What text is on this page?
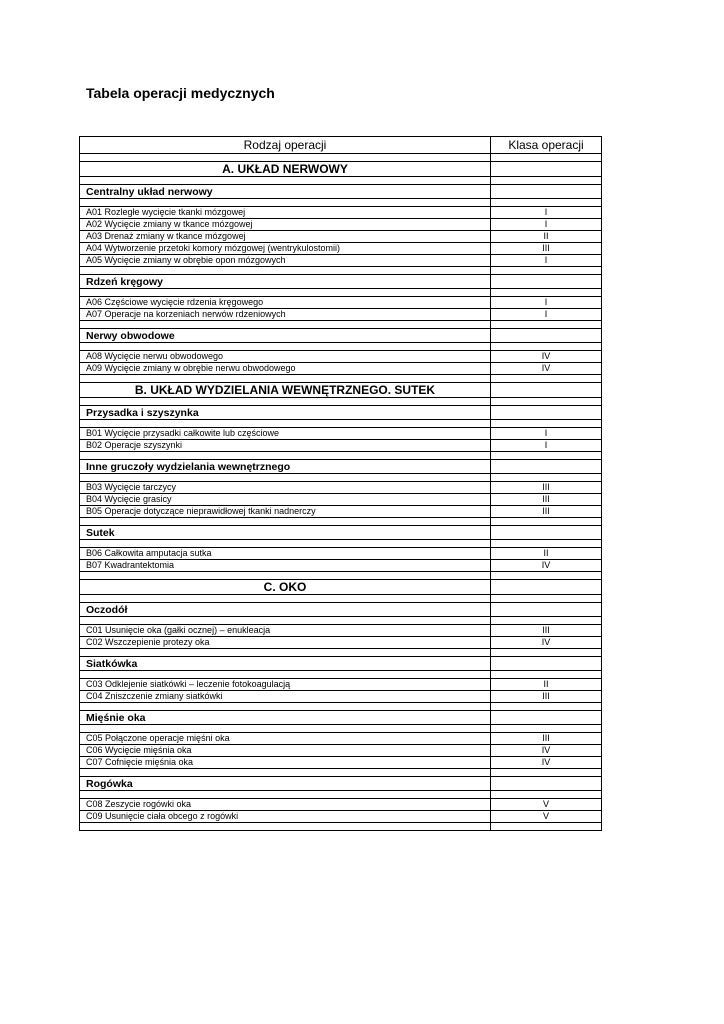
Tabela operacji medycznych
Rodzaj operacji	Klasa operacji

A. UKŁAD NERWOWY	

Centralny układ nerwowy	

A01 Rozległe wycięcie tkanki mózgowej	I
A02 Wycięcie zmiany w tkance mózgowej	I
A03 Drenaż zmiany w tkance mózgowej	II
A04 Wytworzenie przetoki komory mózgowej (wentrykulostomii)	III
A05 Wycięcie zmiany w obrębie opon mózgowych	I

Rdzeń kręgowy	

A06 Częściowe wycięcie rdzenia kręgowego	I
A07 Operacje na korzeniach nerwów rdzeniowych	I

Nerwy obwodowe	

A08 Wycięcie nerwu obwodowego	IV
A09 Wycięcie zmiany w obrębie nerwu obwodowego	IV

B. UKŁAD WYDZIELANIA WEWNĘTRZNEGO. SUTEK	

Przysadka i szyszynka	

B01 Wycięcie przysadki całkowite lub częściowe	I
B02 Operacje szyszynki	I

Inne gruczoły wydzielania wewnętrznego	

B03 Wycięcie tarczycy	III
B04 Wycięcie grasicy	III
B05 Operacje dotyczące nieprawidłowej tkanki nadnerczy	III

Sutek	

B06 Całkowita amputacja sutka	II
B07 Kwadrantektomia	IV

C. OKO	

Oczodół	

C01 Usunięcie oka (gałki ocznej) – enukleacja	III
C02 Wszczepienie protezy oka	IV

Siatkówka	

C03 Odklejenie siatkówki – leczenie fotokoagulacją	II
C04 Zniszczenie zmiany siatkówki	III

Mięśnie oka	

C05 Połączone operacje mięśni oka	III
C06 Wycięcie mięśnia oka	IV
C07 Cofnięcie mięśnia oka	IV

Rogówka	

C08 Zeszycie rogówki oka	V
C09 Usunięcie ciała obcego z rogówki	V
